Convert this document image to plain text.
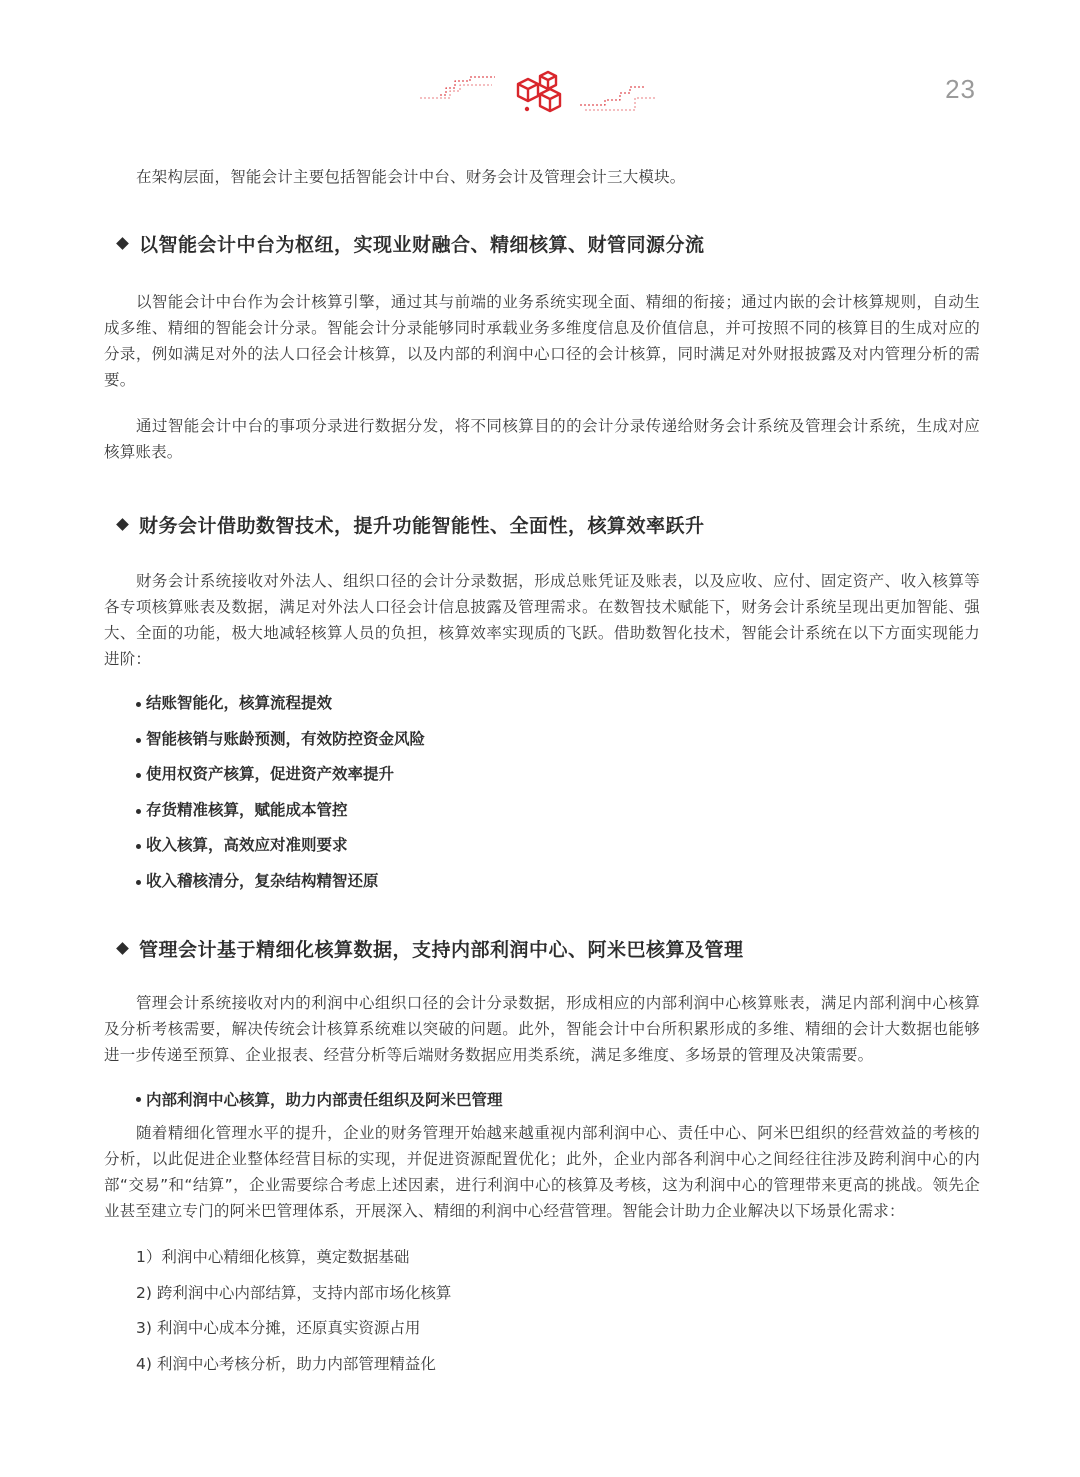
23

在架构层面，智能会计主要包括智能会计中台、财务会计及管理会计三大模块。

以智能会计中台为枢纽，实现业财融合、精细核算、财管同源分流

以智能会计中台作为会计核算引擎，通过其与前端的业务系统实现全面、精细的衔接；通过内嵌的会计核算规则，自动生成多维、精细的智能会计分录。智能会计分录能够同时承载业务多维度信息及价值信息，并可按照不同的核算目的生成对应的分录，例如满足对外的法人口径会计核算，以及内部的利润中心口径的会计核算，同时满足对外财报披露及对内管理分析的需要。

通过智能会计中台的事项分录进行数据分发，将不同核算目的的会计分录传递给财务会计系统及管理会计系统，生成对应核算账表。

财务会计借助数智技术，提升功能智能性、全面性，核算效率跃升

财务会计系统接收对外法人、组织口径的会计分录数据，形成总账凭证及账表，以及应收、应付、固定资产、收入核算等各专项核算账表及数据，满足对外法人口径会计信息披露及管理需求。在数智技术赋能下，财务会计系统呈现出更加智能、强大、全面的功能，极大地减轻核算人员的负担，核算效率实现质的飞跃。借助数智化技术，智能会计系统在以下方面实现能力进阶：

结账智能化，核算流程提效
智能核销与账龄预测，有效防控资金风险
使用权资产核算，促进资产效率提升
存货精准核算，赋能成本管控
收入核算，高效应对准则要求
收入稽核清分，复杂结构精智还原
管理会计基于精细化核算数据，支持内部利润中心、阿米巴核算及管理

管理会计系统接收对内的利润中心组织口径的会计分录数据，形成相应的内部利润中心核算账表，满足内部利润中心核算及分析考核需要，解决传统会计核算系统难以突破的问题。此外，智能会计中台所积累形成的多维、精细的会计大数据也能够进一步传递至预算、企业报表、经营分析等后端财务数据应用类系统，满足多维度、多场景的管理及决策需要。

内部利润中心核算，助力内部责任组织及阿米巴管理

随着精细化管理水平的提升，企业的财务管理开始越来越重视内部利润中心、责任中心、阿米巴组织的经营效益的考核的分析，以此促进企业整体经营目标的实现，并促进资源配置优化；此外，企业内部各利润中心之间经往往涉及跨利润中心的内部“交易”和“结算”，企业需要综合考虑上述因素，进行利润中心的核算及考核，这为利润中心的管理带来更高的挑战。领先企业甚至建立专门的阿米巴管理体系，开展深入、精细的利润中心经营管理。智能会计助力企业解决以下场景化需求：

1）利润中心精细化核算，奠定数据基础
2) 跨利润中心内部结算，支持内部市场化核算
3) 利润中心成本分摊，还原真实资源占用
4) 利润中心考核分析，助力内部管理精益化
